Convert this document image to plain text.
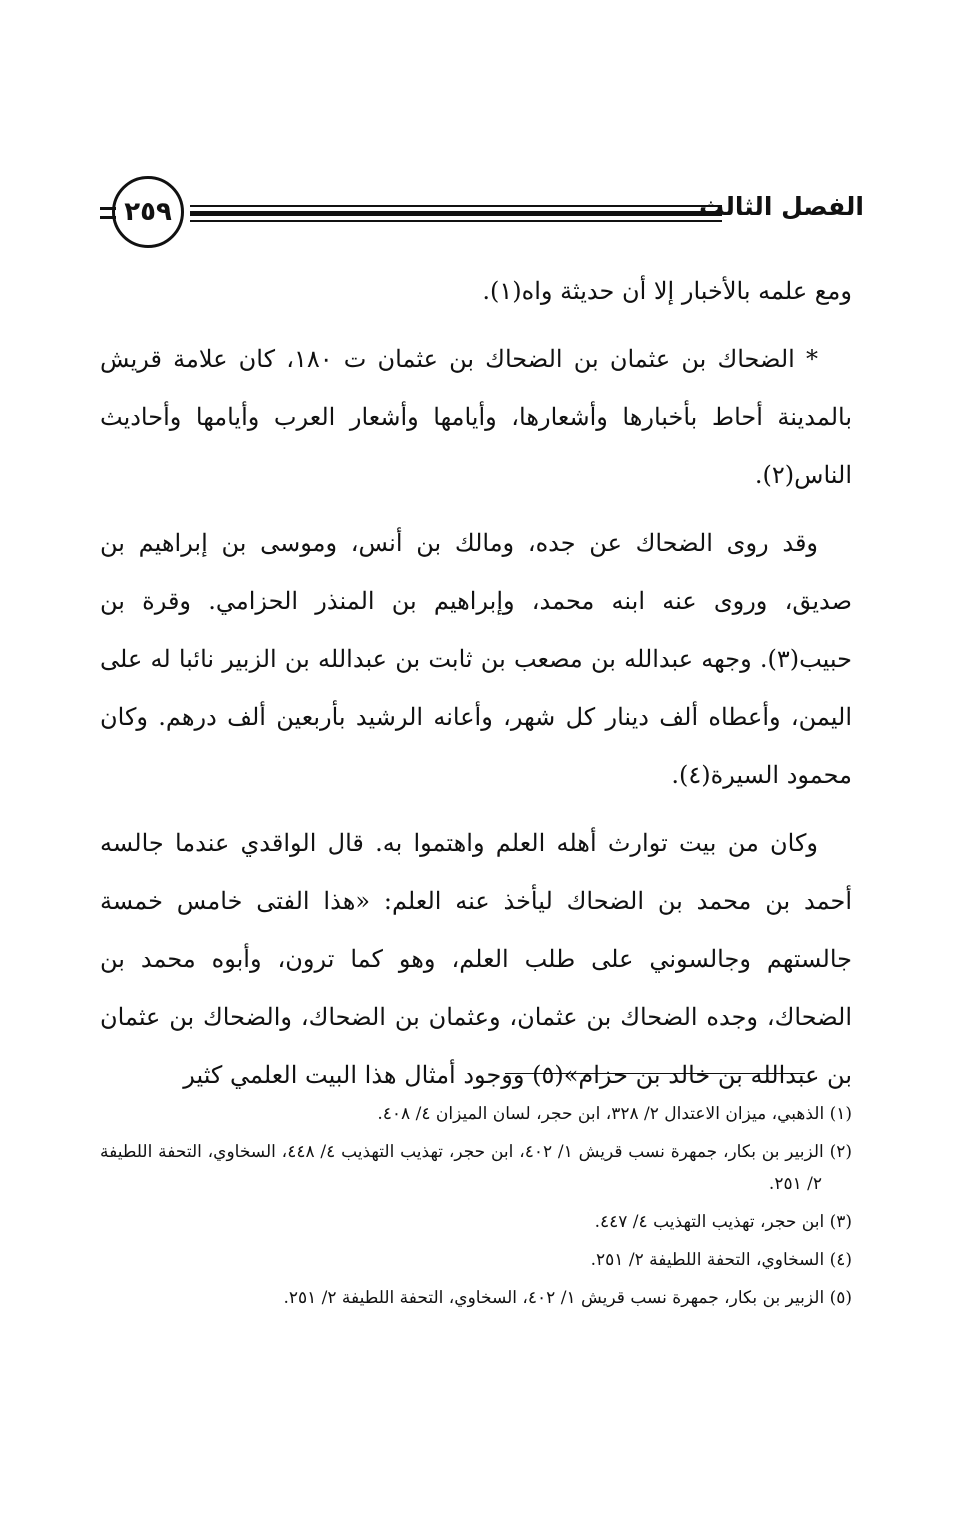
الفصل الثالث
٢٥٩

ومع علمه بالأخبار إلا أن حديثة واه(١).

* الضحاك بن عثمان بن الضحاك بن عثمان ت ١٨٠، كان علامة قريش بالمدينة أحاط بأخبارها وأشعارها، وأيامها وأشعار العرب وأيامها وأحاديث الناس(٢).

وقد روى الضحاك عن جده، ومالك بن أنس، وموسى بن إبراهيم بن صديق، وروى عنه ابنه محمد، وإبراهيم بن المنذر الحزامي. وقرة بن حبيب(٣). وجهه عبدالله بن مصعب بن ثابت بن عبدالله بن الزبير نائبا له على اليمن، وأعطاه ألف دينار كل شهر، وأعانه الرشيد بأربعين ألف درهم. وكان محمود السيرة(٤).

وكان من بيت توارث أهله العلم واهتموا به. قال الواقدي عندما جالسه أحمد بن محمد بن الضحاك ليأخذ عنه العلم: «هذا الفتى خامس خمسة جالستهم وجالسوني على طلب العلم، وهو كما ترون، وأبوه محمد بن الضحاك، وجده الضحاك بن عثمان، وعثمان بن الضحاك، والضحاك بن عثمان بن عبدالله بن خالد بن حزام»(٥) ووجود أمثال هذا البيت العلمي كثير

(١) الذهبي، ميزان الاعتدال ٢/ ٣٢٨، ابن حجر، لسان الميزان ٤/ ٤٠٨.
(٢) الزبير بن بكار، جمهرة نسب قريش ١/ ٤٠٢، ابن حجر، تهذيب التهذيب ٤/ ٤٤٨، السخاوي، التحفة اللطيفة ٢/ ٢٥١.
(٣) ابن حجر، تهذيب التهذيب ٤/ ٤٤٧.
(٤) السخاوي، التحفة اللطيفة ٢/ ٢٥١.
(٥) الزبير بن بكار، جمهرة نسب قريش ١/ ٤٠٢، السخاوي، التحفة اللطيفة ٢/ ٢٥١.
